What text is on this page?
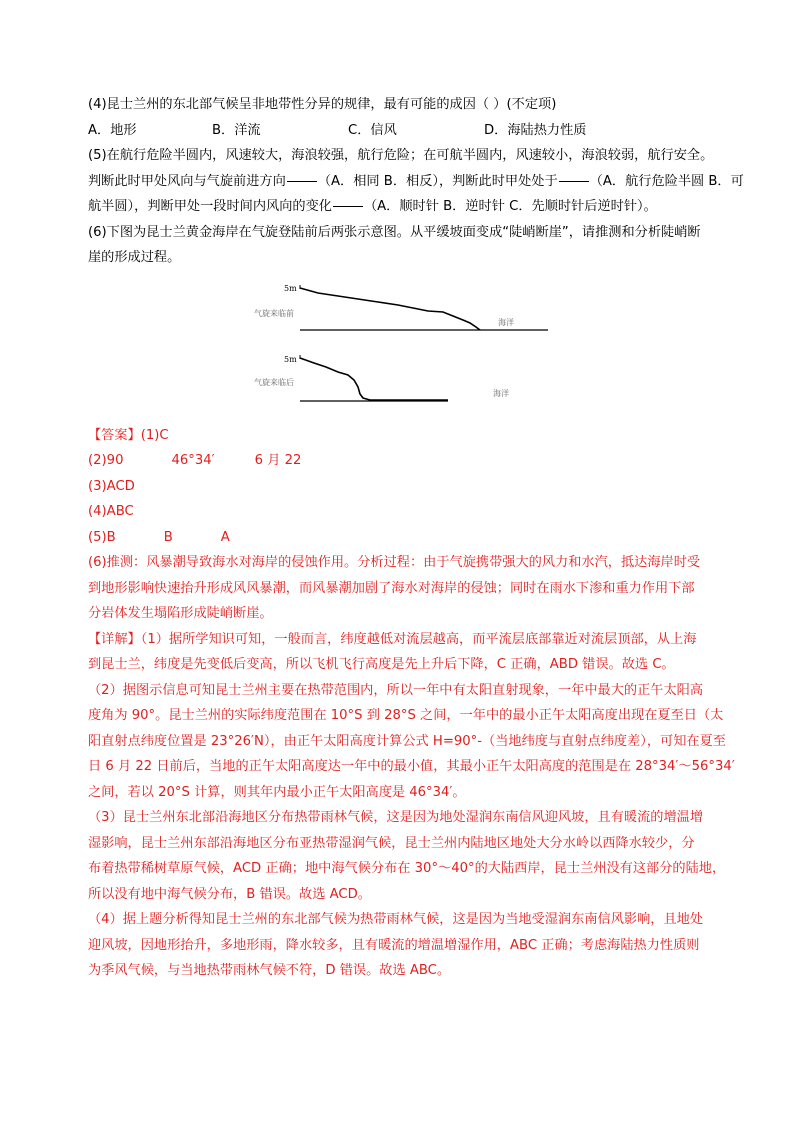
(4)昆士兰州的东北部气候呈非地带性分异的规律，最有可能的成因（ ）(不定项)
A．地形	B．洋流	C．信风	D．海陆热力性质
(5)在航行危险半圆内，风速较大，海浪较强，航行危险；在可航半圆内，风速较小，海浪较弱，航行安全。
判断此时甲处风向与气旋前进方向 （A．相同 B．相反），判断此时甲处处于 （A．航行危险半圆 B．可
航半圆），判断甲处一段时间内风向的变化 （A．顺时针 B．逆时针 C．先顺时针后逆时针）。
(6)下图为昆士兰黄金海岸在气旋登陆前后两张示意图。从平缓坡面变成“陡峭断崖”，请推测和分析陡峭断
崖的形成过程。
5m
气旋来临前
海洋
5m
气旋来临后
海洋
【答案】(1)C
(2)90	46°34′	6 月 22
(3)ACD
(4)ABC
(5)B	B	A
(6)推测：风暴潮导致海水对海岸的侵蚀作用。分析过程：由于气旋携带强大的风力和水汽，抵达海岸时受
到地形影响快速抬升形成风风暴潮，而风暴潮加剧了海水对海岸的侵蚀；同时在雨水下渗和重力作用下部
分岩体发生塌陷形成陡峭断崖。
【详解】（1）据所学知识可知，一般而言，纬度越低对流层越高，而平流层底部靠近对流层顶部，从上海
到昆士兰，纬度是先变低后变高，所以飞机飞行高度是先上升后下降，C 正确，ABD 错误。故选 C。
（2）据图示信息可知昆士兰州主要在热带范围内，所以一年中有太阳直射现象，一年中最大的正午太阳高
度角为 90°。昆士兰州的实际纬度范围在 10°S 到 28°S 之间，一年中的最小正午太阳高度出现在夏至日（太
阳直射点纬度位置是 23°26′N），由正午太阳高度计算公式 H=90°-（当地纬度与直射点纬度差），可知在夏至
日 6 月 22 日前后，当地的正午太阳高度达一年中的最小值，其最小正午太阳高度的范围是在 28°34′～56°34′
之间，若以 20°S 计算，则其年内最小正午太阳高度是 46°34′。
（3）昆士兰州东北部沿海地区分布热带雨林气候，这是因为地处湿润东南信风迎风坡，且有暖流的增温增
湿影响，昆士兰州东部沿海地区分布亚热带湿润气候，昆士兰州内陆地区地处大分水岭以西降水较少，分
布着热带稀树草原气候，ACD 正确；地中海气候分布在 30°～40°的大陆西岸，昆士兰州没有这部分的陆地，
所以没有地中海气候分布，B 错误。故选 ACD。
（4）据上题分析得知昆士兰州的东北部气候为热带雨林气候，这是因为当地受湿润东南信风影响，且地处
迎风坡，因地形抬升，多地形雨，降水较多，且有暖流的增温增湿作用，ABC 正确；考虑海陆热力性质则
为季风气候，与当地热带雨林气候不符，D 错误。故选 ABC。
